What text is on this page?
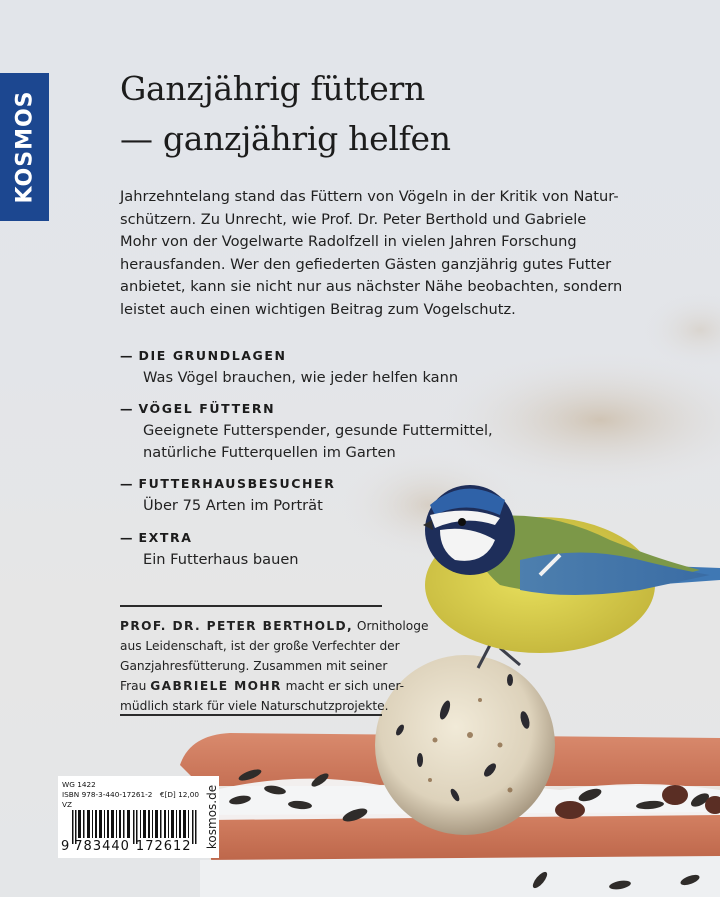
KOSMOS
Ganzjährig füttern
— ganzjährig helfen
Jahrzehntelang stand das Füttern von Vögeln in der Kritik von Natur-
schützern. Zu Unrecht, wie Prof. Dr. Peter Berthold und Gabriele
Mohr von der Vogelwarte Radolfzell in vielen Jahren Forschung
herausfanden. Wer den gefiederten Gästen ganzjährig gutes Futter
anbietet, kann sie nicht nur aus nächster Nähe beobachten, sondern
leistet auch einen wichtigen Beitrag zum Vogelschutz.
— DIE GRUNDLAGEN
Was Vögel brauchen, wie jeder helfen kann
— VÖGEL FÜTTERN
Geeignete Futterspender, gesunde Futtermittel,
natürliche Futterquellen im Garten
— FUTTERHAUSBESUCHER
Über 75 Arten im Porträt
— EXTRA
Ein Futterhaus bauen
PROF. DR. PETER BERTHOLD, Ornithologe
aus Leidenschaft, ist der große Verfechter der
Ganzjahresfütterung. Zusammen mit seiner
Frau GABRIELE MOHR macht er sich uner-
müdlich stark für viele Naturschutzprojekte.
WG 1422
ISBN 978-3-440-17261-2 €[D] 12,00
VZ
9 783440 172612 kosmos.de
